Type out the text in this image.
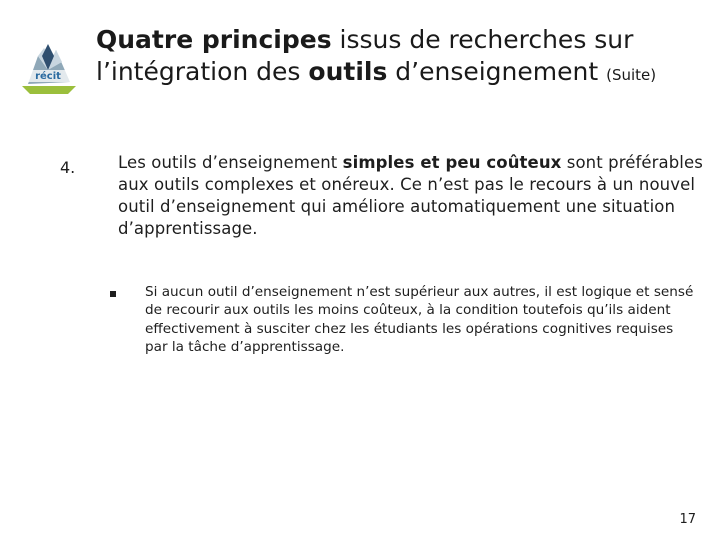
récit
Quatre principes issus de recherches sur l’intégration des outils d’enseignement (Suite)
4.	Les outils d’enseignement simples et peu coûteux sont préférables aux outils complexes et onéreux. Ce n’est pas le recours à un nouvel outil d’enseignement qui améliore automatiquement une situation d’apprentissage.
Si aucun outil d’enseignement n’est supérieur aux autres, il est logique et sensé de recourir aux outils les moins coûteux, à la condition toutefois qu’ils aident effectivement à susciter chez les étudiants les opérations cognitives requises par la tâche d’apprentissage.
17
